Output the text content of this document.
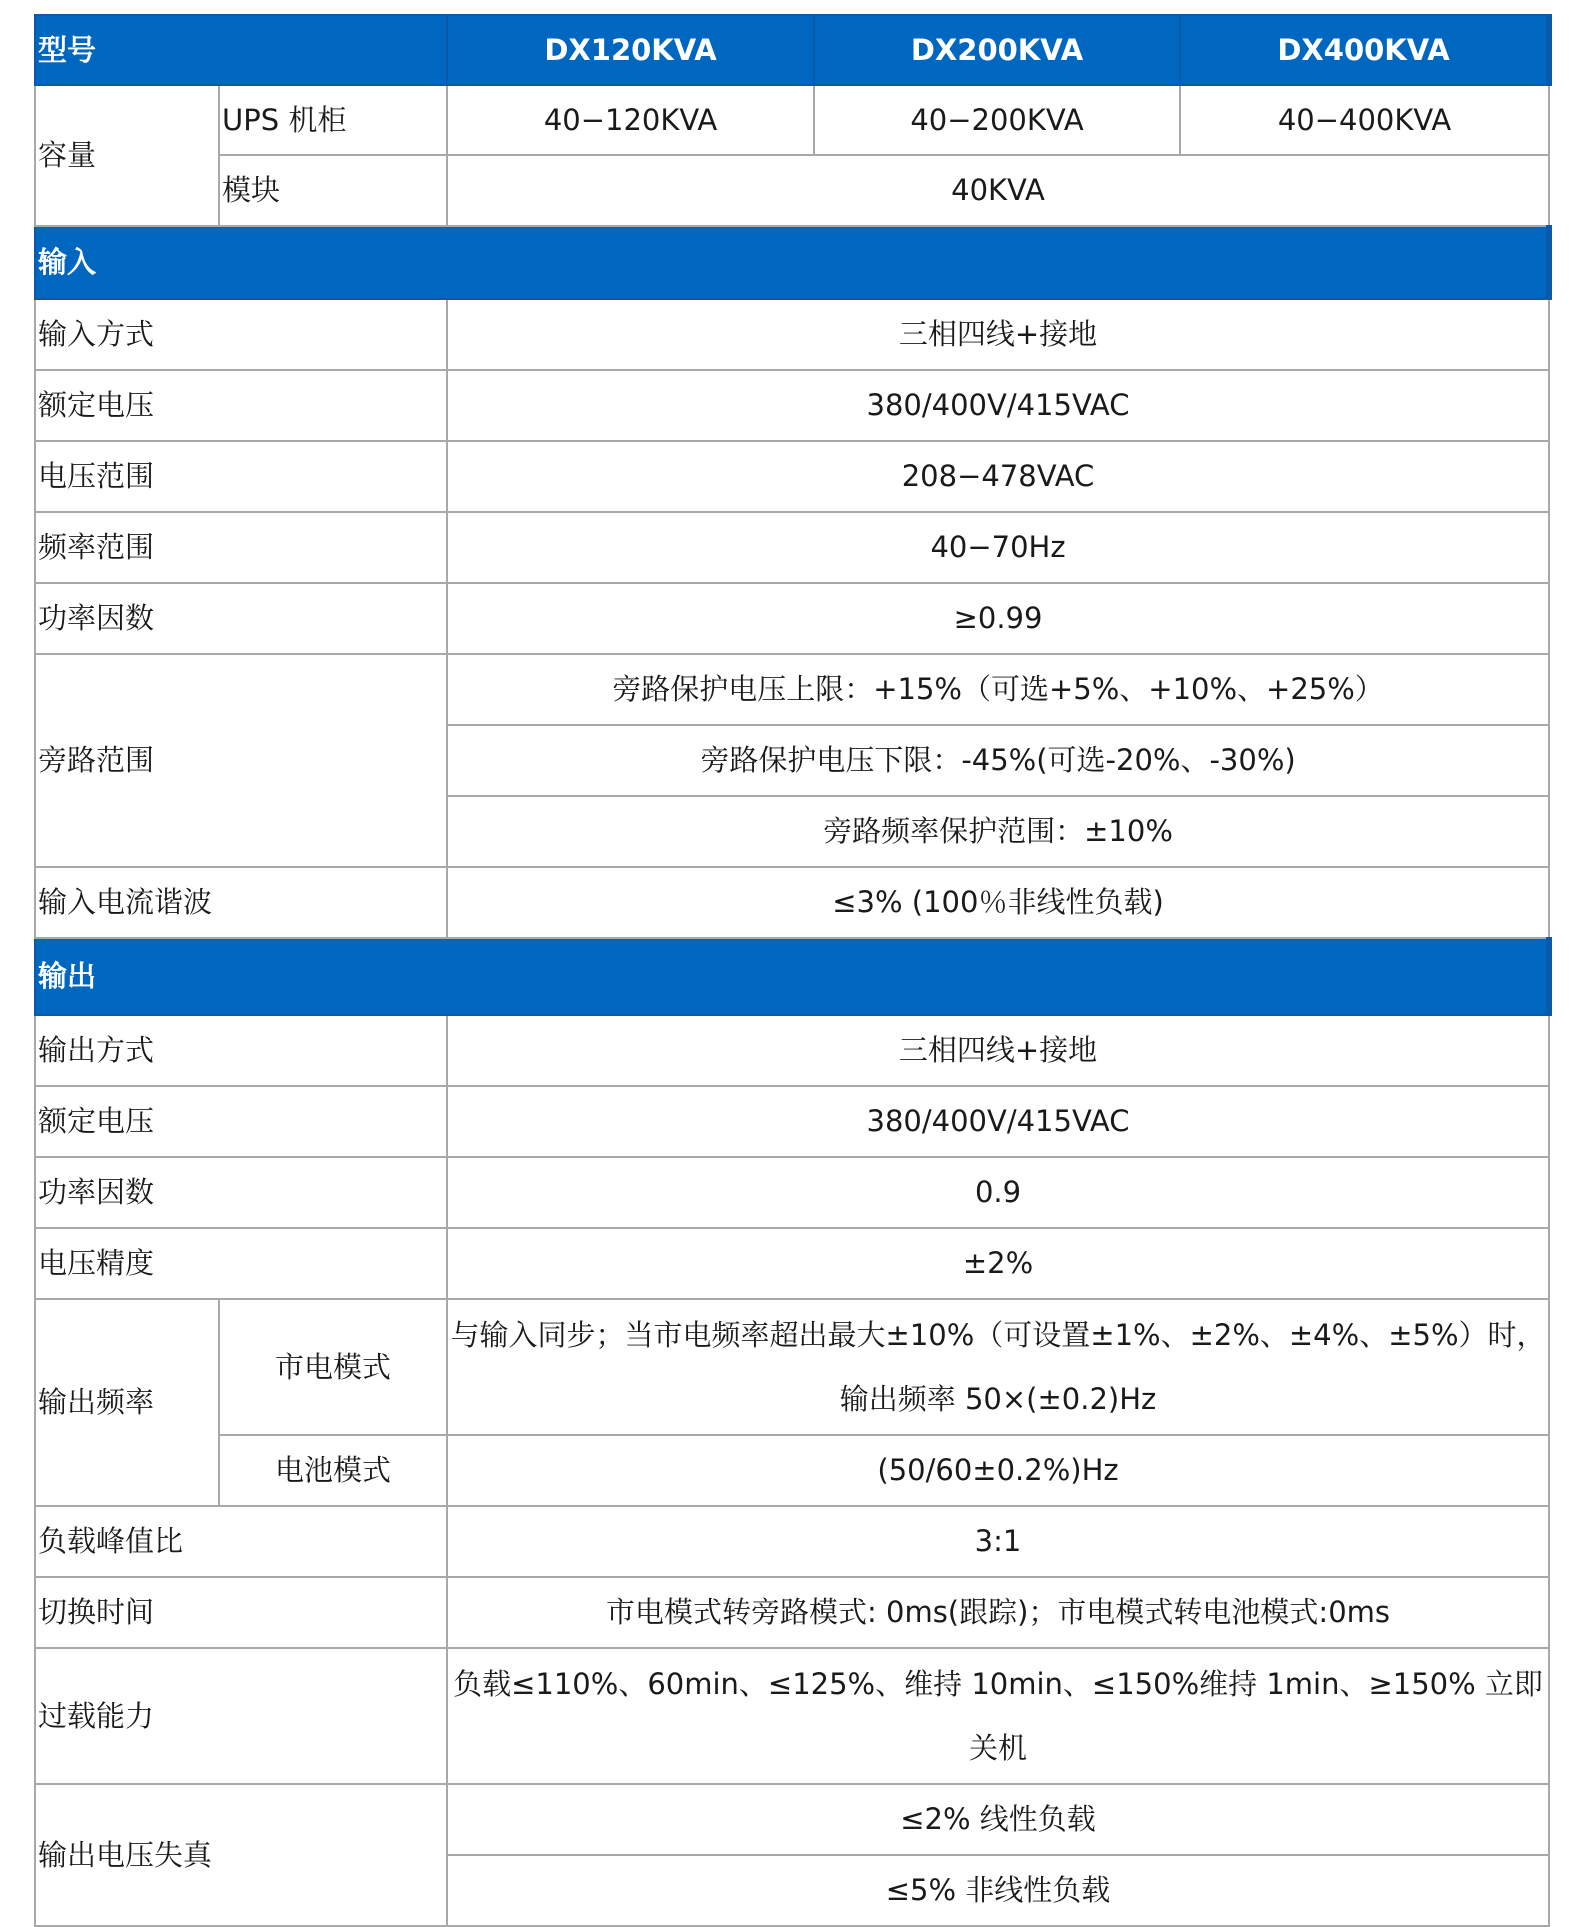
型号		DX120KVA	DX200KVA	DX400KVA
容量	UPS 机柜	40−120KVA	40−200KVA	40−400KVA
	模块	40KVA		
输入				
输入方式		三相四线+接地		
额定电压		380/400V/415VAC		
电压范围		208−478VAC		
频率范围		40−70Hz		
功率因数		≥0.99		
旁路范围		旁路保护电压上限：+15%（可选+5%、+10%、+25%）		
		旁路保护电压下限：-45%(可选-20%、-30%)		
		旁路频率保护范围：±10%		
输入电流谐波		≤3% (100％非线性负载)		
输出				
输出方式		三相四线+接地		
额定电压		380/400V/415VAC		
功率因数		0.9		
电压精度		±2%		
输出频率	市电模式	与输入同步；当市电频率超出最大±10%（可设置±1%、±2%、±4%、±5%）时，输出频率 50×(±0.2)Hz		
	电池模式	(50/60±0.2%)Hz		
负载峰值比		3:1		
切换时间		市电模式转旁路模式: 0ms(跟踪)；市电模式转电池模式:0ms		
过载能力		负载≤110%、60min、≤125%、维持 10min、≤150%维持 1min、≥150% 立即关机		
输出电压失真		≤2% 线性负载		
		≤5% 非线性负载		
